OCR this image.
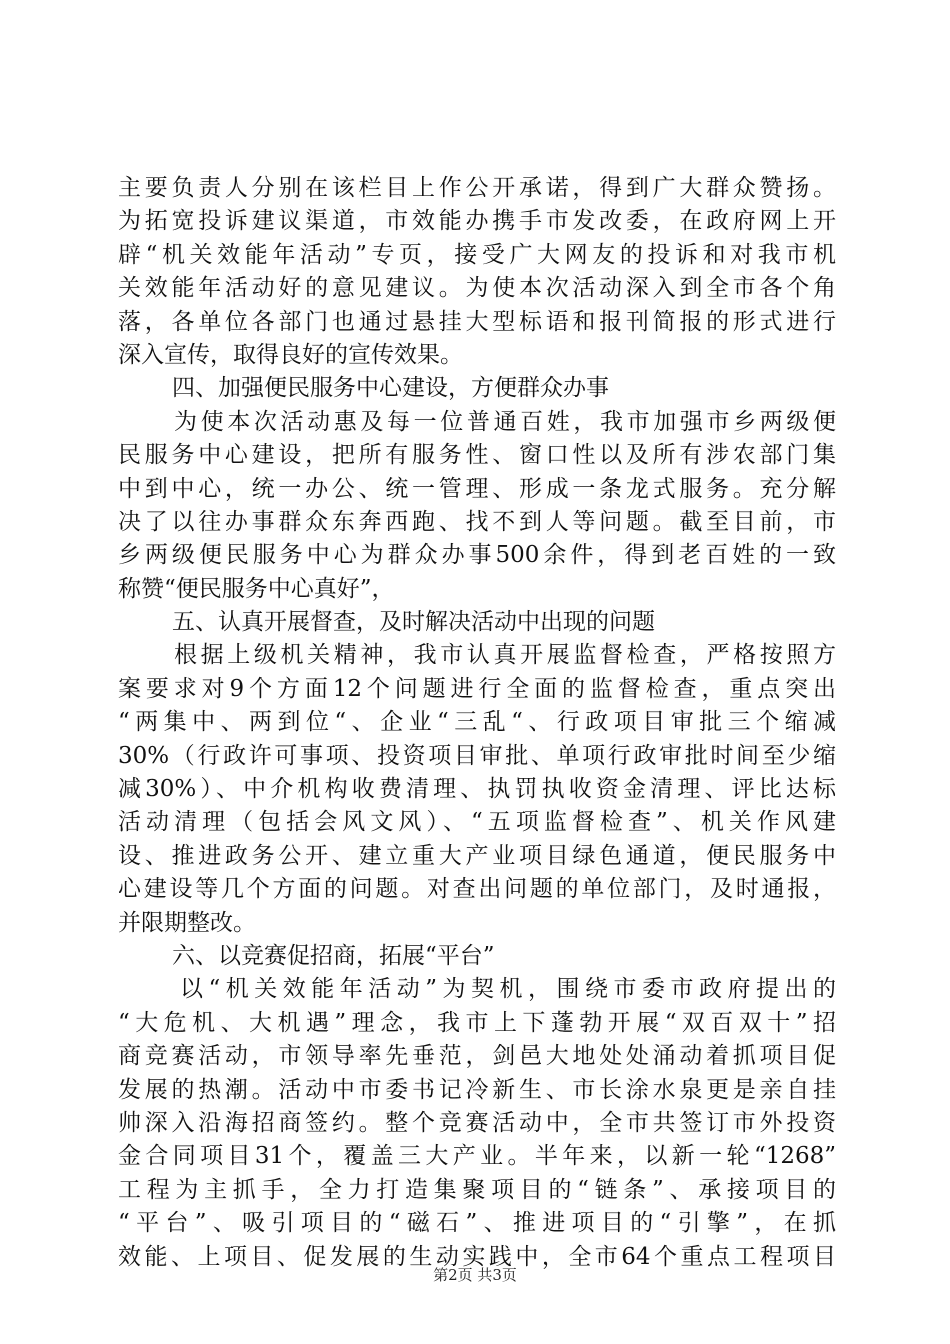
主要负责人分别在该栏目上作公开承诺，得到广大群众赞扬。
为拓宽投诉建议渠道，市效能办携手市发改委，在政府网上开
辟“机关效能年活动”专页，接受广大网友的投诉和对我市机
关效能年活动好的意见建议。为使本次活动深入到全市各个角
落，各单位各部门也通过悬挂大型标语和报刊简报的形式进行
深入宣传，取得良好的宣传效果。
四、加强便民服务中心建设，方便群众办事
为使本次活动惠及每一位普通百姓，我市加强市乡两级便
民服务中心建设，把所有服务性、窗口性以及所有涉农部门集
中到中心，统一办公、统一管理、形成一条龙式服务。充分解
决了以往办事群众东奔西跑、找不到人等问题。截至目前，市
乡两级便民服务中心为群众办事500余件，得到老百姓的一致
称赞“便民服务中心真好”，
五、认真开展督查，及时解决活动中出现的问题
根据上级机关精神，我市认真开展监督检查，严格按照方
案要求对9个方面12个问题进行全面的监督检查，重点突出
“两集中、两到位“、企业“三乱“、行政项目审批三个缩减
30%（行政许可事项、投资项目审批、单项行政审批时间至少缩
减30%）、中介机构收费清理、执罚执收资金清理、评比达标
活动清理（包括会风文风）、“五项监督检查”、机关作风建
设、推进政务公开、建立重大产业项目绿色通道，便民服务中
心建设等几个方面的问题。对查出问题的单位部门，及时通报，
并限期整改。
六、以竞赛促招商，拓展“平台”
以“机关效能年活动”为契机，围绕市委市政府提出的
“大危机、大机遇”理念，我市上下蓬勃开展“双百双十”招
商竞赛活动，市领导率先垂范，剑邑大地处处涌动着抓项目促
发展的热潮。活动中市委书记冷新生、市长涂水泉更是亲自挂
帅深入沿海招商签约。整个竞赛活动中，全市共签订市外投资
金合同项目31个，覆盖三大产业。半年来，以新一轮“1268”
工程为主抓手，全力打造集聚项目的“链条”、承接项目的
“平台”、吸引项目的“磁石”、推进项目的“引擎”，在抓
效能、上项目、促发展的生动实践中，全市64个重点工程项目
第2页 共3页
